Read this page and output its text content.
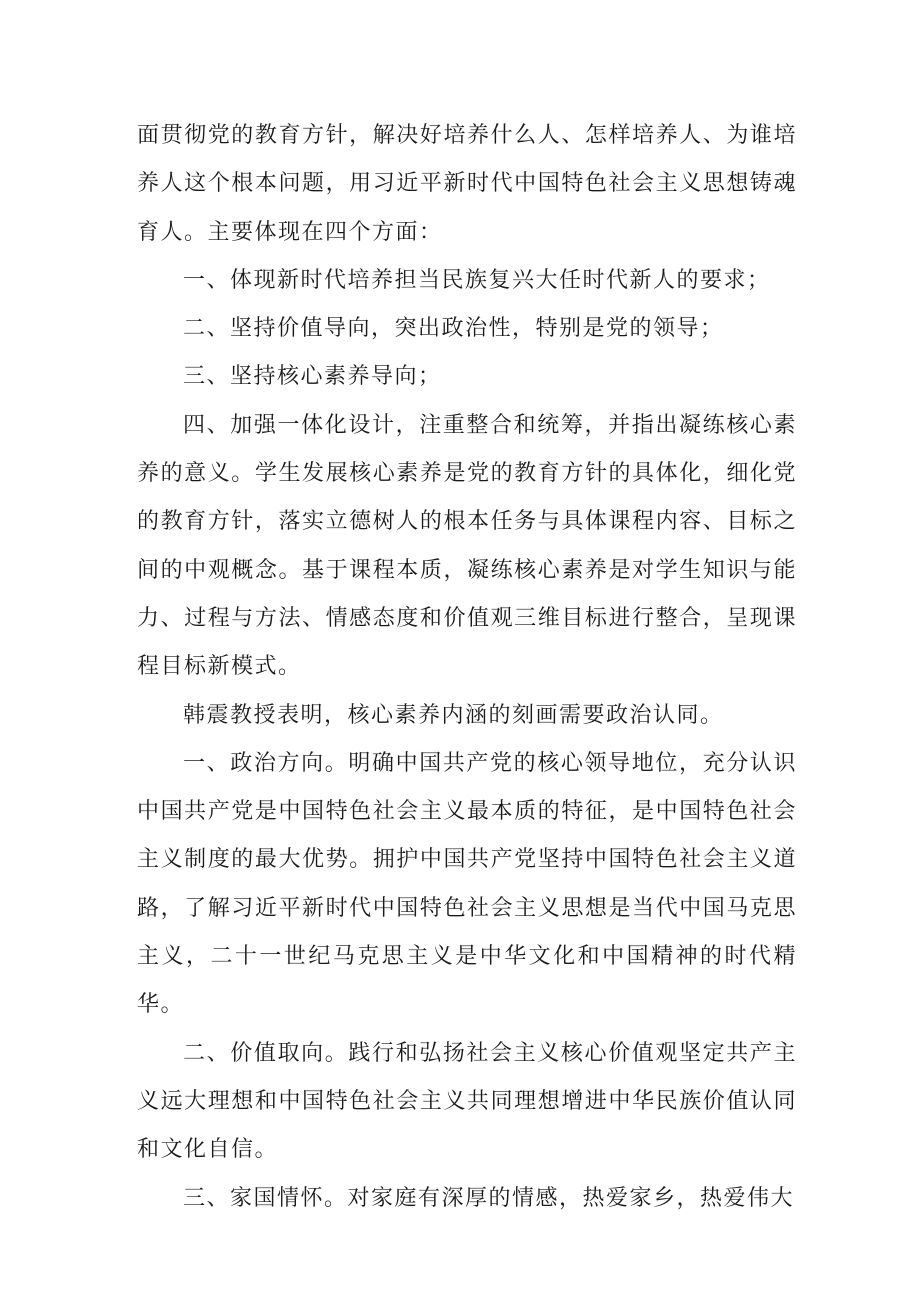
面贯彻党的教育方针，解决好培养什么人、怎样培养人、为谁培养人这个根本问题，用习近平新时代中国特色社会主义思想铸魂育人。主要体现在四个方面：

一、体现新时代培养担当民族复兴大任时代新人的要求；

二、坚持价值导向，突出政治性，特别是党的领导；

三、坚持核心素养导向；

四、加强一体化设计，注重整合和统筹，并指出凝练核心素养的意义。学生发展核心素养是党的教育方针的具体化，细化党的教育方针，落实立德树人的根本任务与具体课程内容、目标之间的中观概念。基于课程本质，凝练核心素养是对学生知识与能力、过程与方法、情感态度和价值观三维目标进行整合，呈现课程目标新模式。

韩震教授表明，核心素养内涵的刻画需要政治认同。

一、政治方向。明确中国共产党的核心领导地位，充分认识中国共产党是中国特色社会主义最本质的特征，是中国特色社会主义制度的最大优势。拥护中国共产党坚持中国特色社会主义道路，了解习近平新时代中国特色社会主义思想是当代中国马克思主义，二十一世纪马克思主义是中华文化和中国精神的时代精华。

二、价值取向。践行和弘扬社会主义核心价值观坚定共产主义远大理想和中国特色社会主义共同理想增进中华民族价值认同和文化自信。

三、家国情怀。对家庭有深厚的情感，热爱家乡，热爱伟大
